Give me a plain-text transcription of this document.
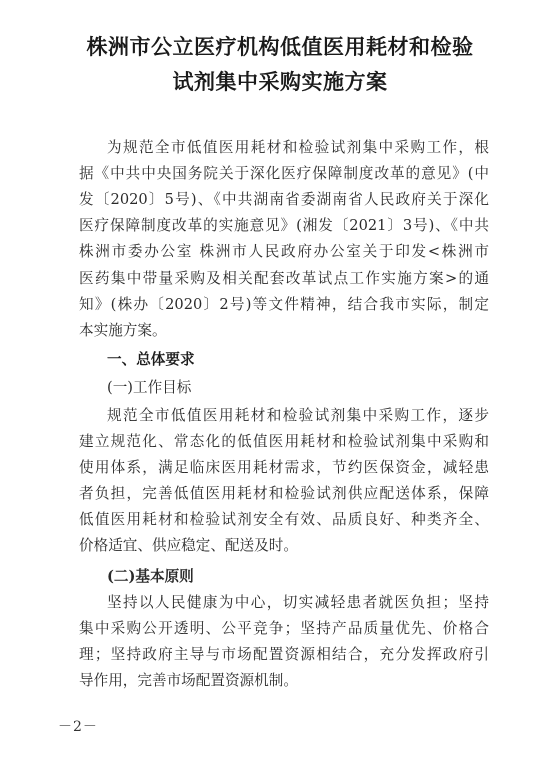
株洲市公立医疗机构低值医用耗材和检验
试剂集中采购实施方案
为规范全市低值医用耗材和检验试剂集中采购工作，根
据《中共中央国务院关于深化医疗保障制度改革的意见》(中
发〔2020〕5号)、《中共湖南省委湖南省人民政府关于深化
医疗保障制度改革的实施意见》(湘发〔2021〕3号)、《中共
株洲市委办公室 株洲市人民政府办公室关于印发<株洲市
医药集中带量采购及相关配套改革试点工作实施方案>的通
知》(株办〔2020〕2号)等文件精神，结合我市实际，制定
本实施方案。
一、总体要求
(一)工作目标
规范全市低值医用耗材和检验试剂集中采购工作，逐步
建立规范化、常态化的低值医用耗材和检验试剂集中采购和
使用体系，满足临床医用耗材需求，节约医保资金，减轻患
者负担，完善低值医用耗材和检验试剂供应配送体系，保障
低值医用耗材和检验试剂安全有效、品质良好、种类齐全、
价格适宜、供应稳定、配送及时。
(二)基本原则
坚持以人民健康为中心，切实减轻患者就医负担；坚持
集中采购公开透明、公平竞争；坚持产品质量优先、价格合
理；坚持政府主导与市场配置资源相结合，充分发挥政府引
导作用，完善市场配置资源机制。
－2－
